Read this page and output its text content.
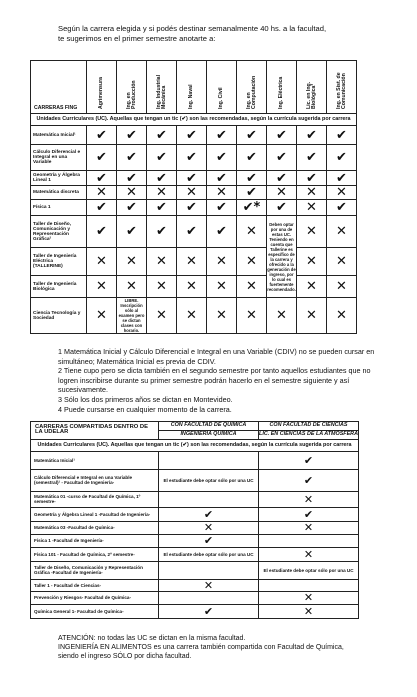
Según la carrera elegida y si podés destinar semanalmente 40 hs. a la facultad,
te sugerimos en el primer semestre anotarte a:
CARRERAS FING	Agrimensura	Ing. en Producción	Ing. Industrial Mecánica	Ing. Naval	Ing. Civil	Ing. en Computación	Ing. Eléctrica	Lic. en Ing. Biológica³	Ing. en Sist. de Comunicación

Unidades Curriculares (UC). Aquellas que tengan un tic (✔) son las recomendadas, según la currícula sugerida por carrera									
Matemática Inicial¹	✔	✔	✔	✔	✔	✔	✔	✔	✔

Cálculo Diferencial e Integral en una Variable	✔	✔	✔	✔	✔	✔	✔	✔	✔

Geometría y Álgebra Lineal 1	✔	✔	✔	✔	✔	✔	✔	✔	✔

Matemática discreta	✕	✕	✕	✕	✕	✔	✕	✕	✕

Física 1	✔	✔	✔	✔	✔	✔*	✔	✕	✔

Taller de Diseño, Comunicación y Representación Gráfica²	✔	✔	✔	✔	✔	✕	Deben optar por una de estas UC. Teniendo en cuenta que Tallerine es específico de la carrera y ofrecido a la generación de ingreso, por lo cual es fuertemente recomendado.	✕	✕

Taller de Ingeniería Eléctrica (TALLERINE)	✕	✕	✕	✕	✕	✕		✕	✕

Taller de Ingeniería Biológica	✕	✕	✕	✕	✕	✕		✕	✕

Ciencia Tecnología y Sociedad	✕	LIBRE. Inscripción sólo al examen pero se dictan clases con horario.	✕	✕	✕	✕	✕	✕	✕
1 Matemática Inicial y Cálculo Diferencial e Integral en una Variable (CDIV) no se pueden cursar en simultáneo; Matemática Inicial es previa de CDIV.
2 Tiene cupo pero se dicta también en el segundo semestre por tanto aquellos estudiantes que no logren inscribirse durante su primer semestre podrán hacerlo en el semestre siguiente y así sucesivamente.
3 Sólo los dos primeros años se dictan en Montevideo.
4 Puede cursarse en cualquier momento de la carrera.
CARRERAS COMPARTIDAS DENTRO DE LA UDELAR	CON FACULTAD DE QUÍMICA	CON FACULTAD DE CIENCIAS
	INGENIERÍA QUÍMICA	LIC. EN CIENCIAS DE LA ATMÓSFERA
Unidades Curriculares (UC). Aquellas que tengan un tic (✔) son las recomendadas, según la currícula sugerida por carrera		
Matemática Inicial¹		✔

Cálculo Diferencial e Integral en una Variable (semestral)¹ - Facultad de Ingeniería-	El estudiante debe optar sólo por una UC	✔

Matemática 01 -curso de Facultad de Química, 1º semestre-		✕

Geometría y Álgebra Lineal 1 -Facultad de Ingeniería-	✔	✔

Matemática 03 -Facultad de Química-	✕	✕

Física 1 -Facultad de Ingeniería-	✔	

Física 101 - Facultad de Química, 2º semestre-	El estudiante debe optar sólo por una UC	✕

Taller de Diseño, Comunicación y Representación Gráfica -Facultad de Ingeniería-		El estudiante debe optar sólo por una UC
Taller 1 - Facultad de Ciencias-	✕	

Prevención y Riesgos- Facultad de Química-		✕

Química General 1- Facultad de Química-	✔	✕
ATENCIÓN: no todas las UC se dictan en la misma facultad.
INGENIERÍA EN ALIMENTOS es una carrera también compartida con Facultad de Química,
siendo el ingreso SÓLO por dicha facultad.
